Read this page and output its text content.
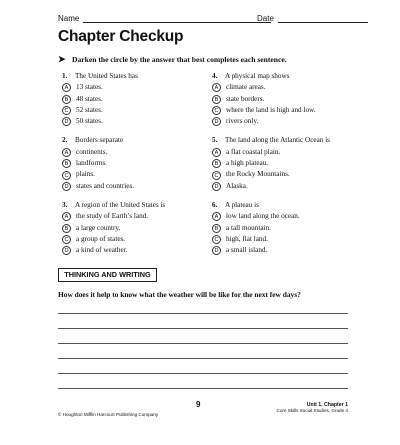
Name	Date
Chapter Checkup
➤ Darken the circle by the answer that best completes each sentence.
1.	The United States has
A	13 states.
B	48 states.
C	52 states.
D	50 states.
2.	Borders separate
A	continents.
B	landforms.
C	plains.
D	states and countries.
3.	A region of the United States is
A	the study of Earth’s land.
B	a large country.
C	a group of states.
D	a kind of weather.
4.	A physical map shows
A	climate areas.
B	state borders.
C	where the land is high and low.
D	rivers only.
5.	The land along the Atlantic Ocean is
A	a flat coastal plain.
B	a high plateau.
C	the Rocky Mountains.
D	Alaska.
6.	A plateau is
A	low land along the ocean.
B	a tall mountain.
C	high, flat land.
D	a small island.
THINKING AND WRITING
How does it help to know what the weather will be like for the next few days?
9
© Houghton Mifflin Harcourt Publishing Company
Unit 1, Chapter 1
Core Skills Social Studies, Grade 4
